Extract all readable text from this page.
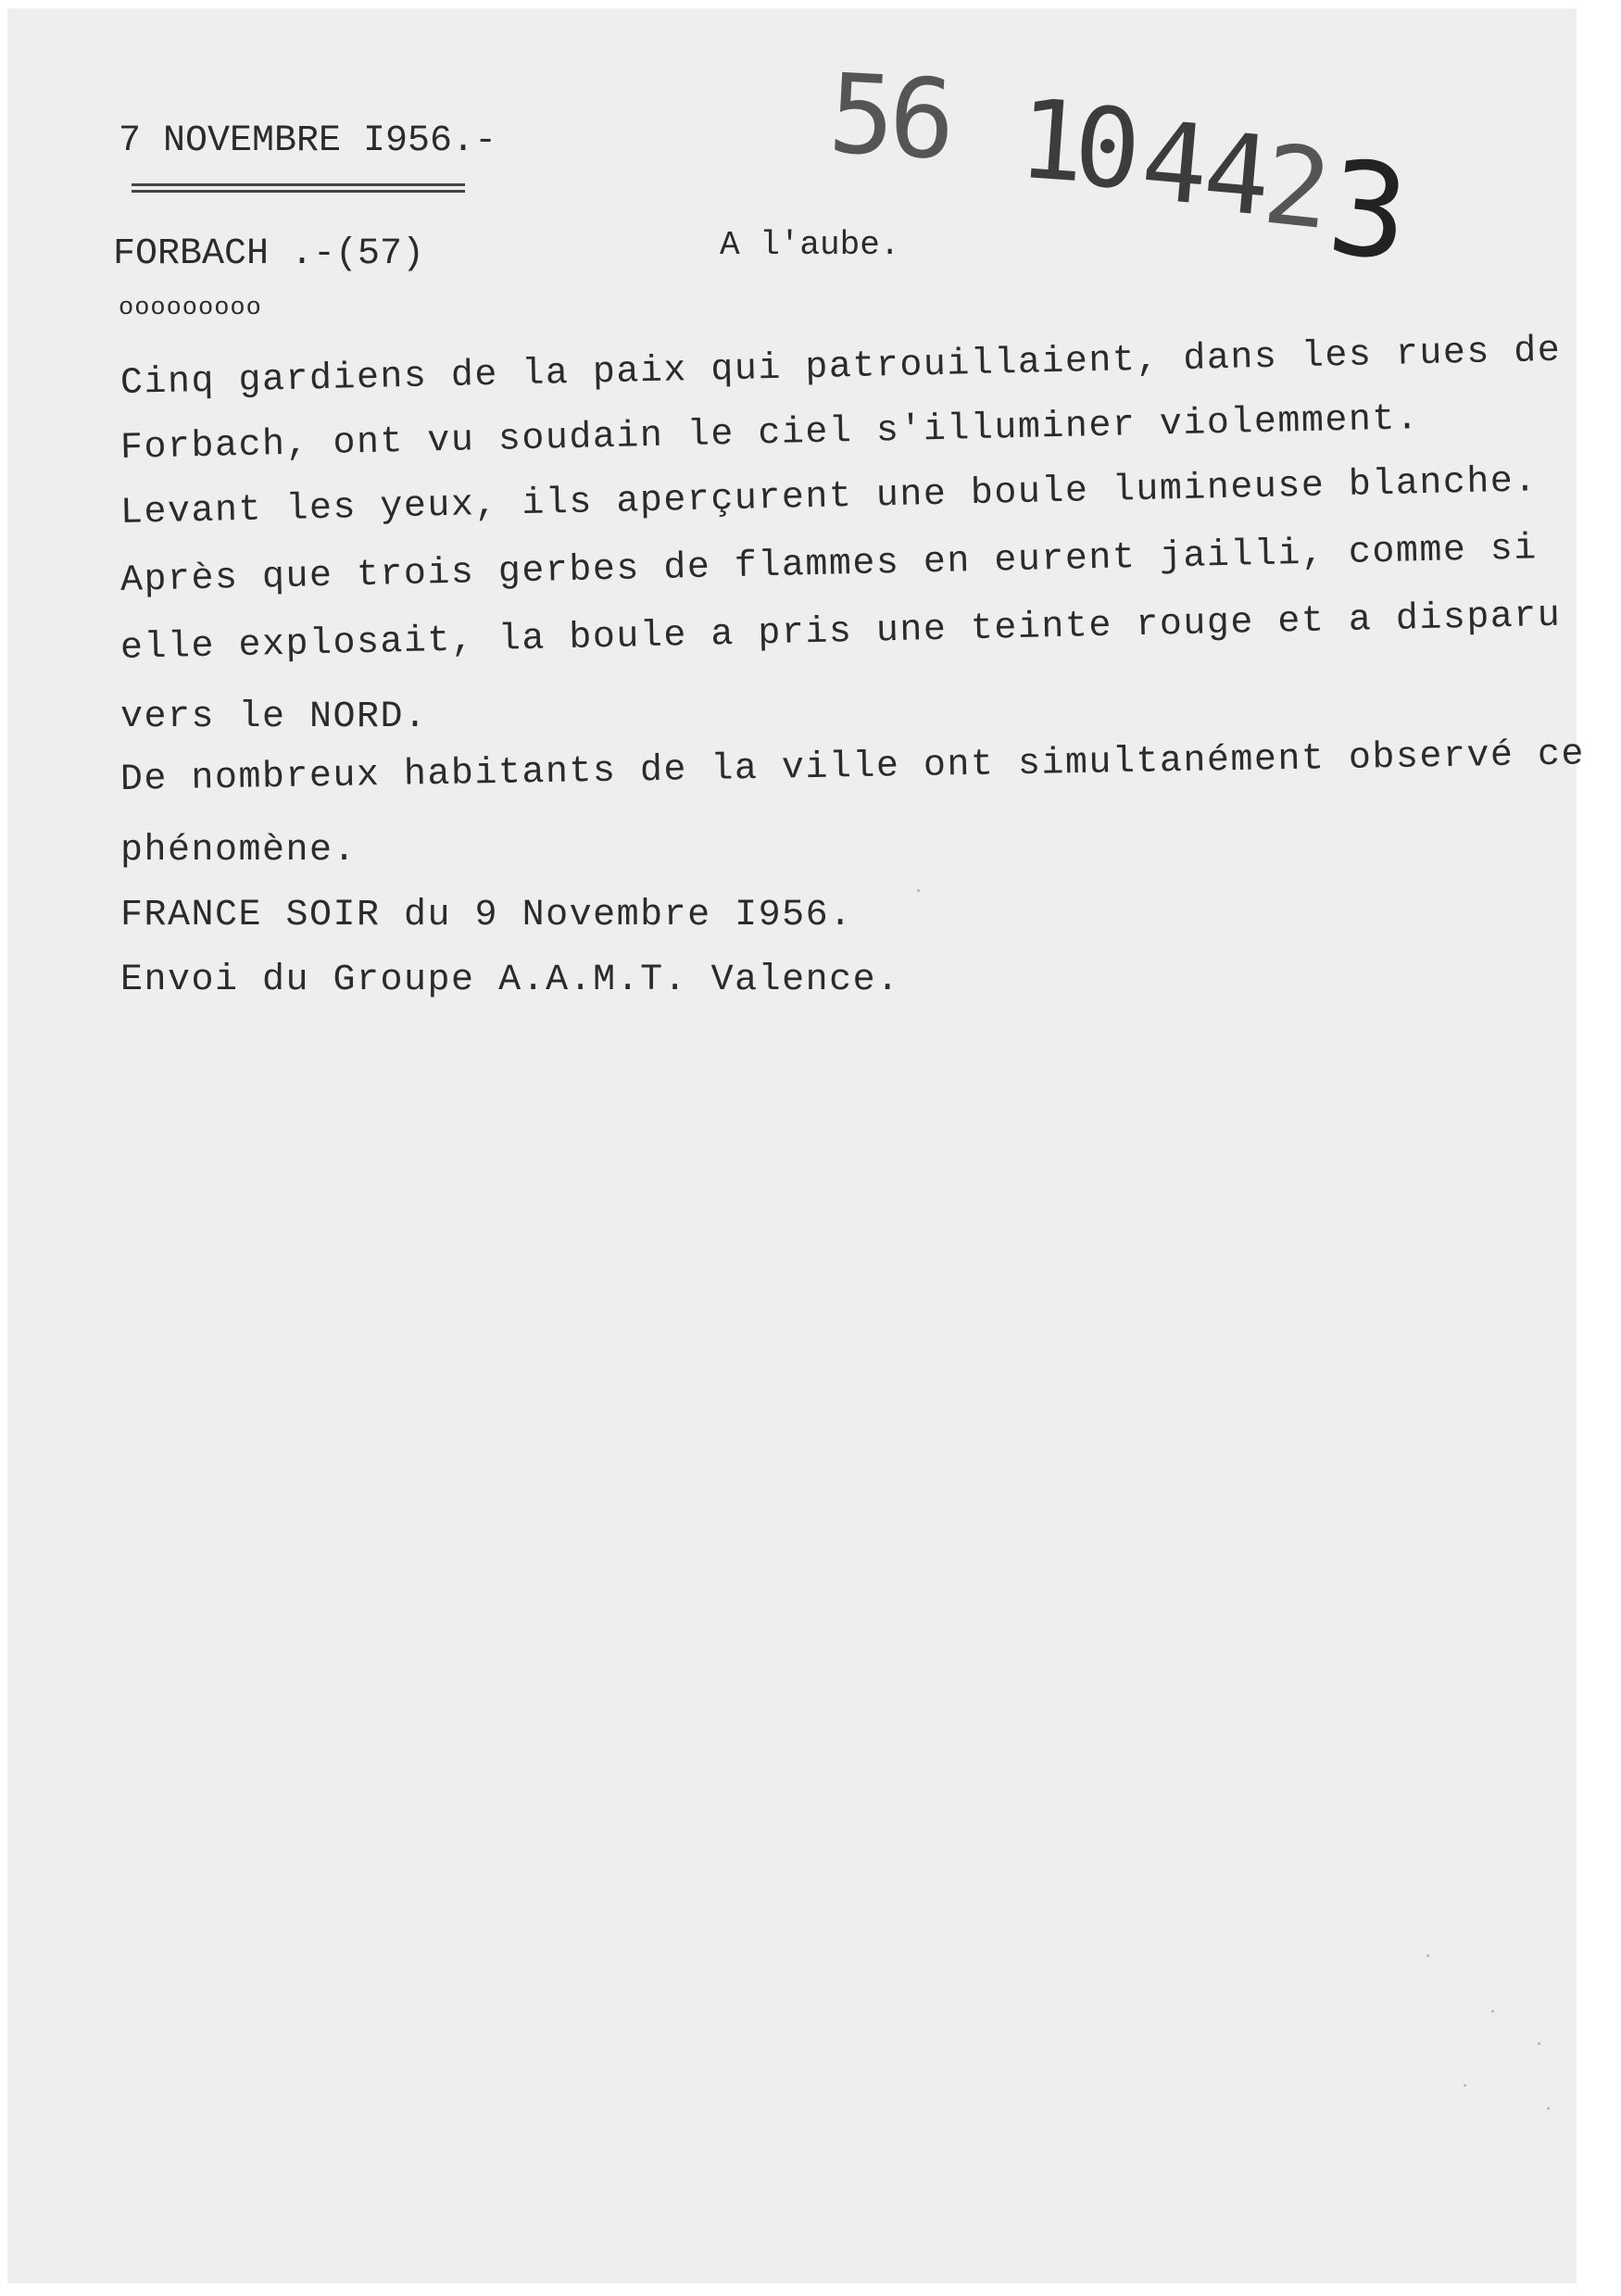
7 NOVEMBRE I956.-

FORBACH .-(57)	A l'aube.

ooooooooo

5
6 1
0
4
4
2
3

Cinq gardiens de la paix qui patrouillaient, dans les rues de

Forbach, ont vu soudain le ciel s'illuminer violemment.

Levant les yeux, ils aperçurent une boule lumineuse blanche.

Après que trois gerbes de flammes en eurent jailli, comme si

elle explosait, la boule a pris une teinte rouge et a disparu

vers le NORD.

De nombreux habitants de la ville ont simultanément observé ce

phénomène.

FRANCE SOIR du 9 Novembre I956.

Envoi du Groupe A.A.M.T. Valence.
